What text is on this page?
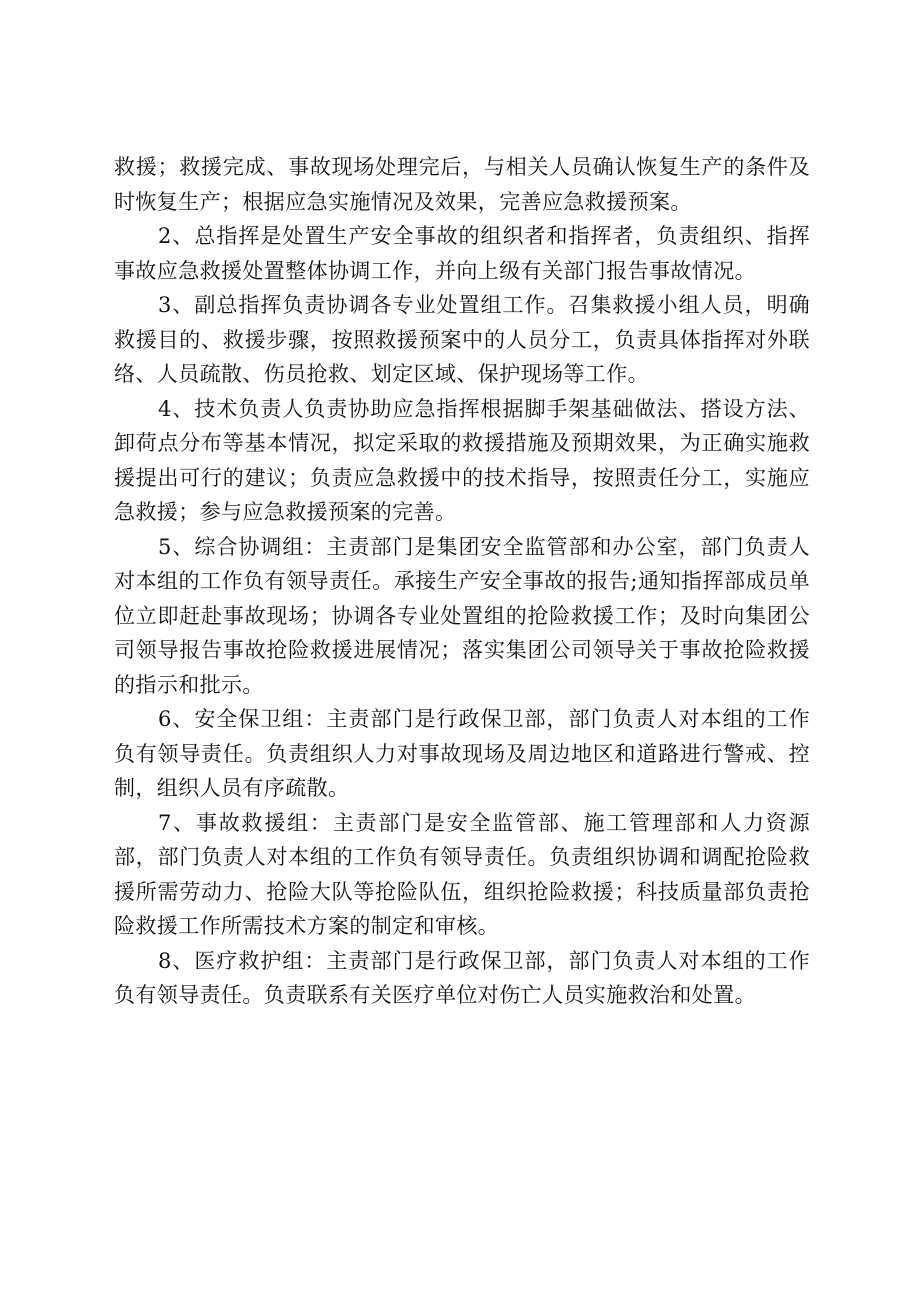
救援；救援完成、事故现场处理完后，与相关人员确认恢复生产的条件及时恢复生产；根据应急实施情况及效果，完善应急救援预案。

2、总指挥是处置生产安全事故的组织者和指挥者，负责组织、指挥事故应急救援处置整体协调工作，并向上级有关部门报告事故情况。

3、副总指挥负责协调各专业处置组工作。召集救援小组人员，明确救援目的、救援步骤，按照救援预案中的人员分工，负责具体指挥对外联络、人员疏散、伤员抢救、划定区域、保护现场等工作。

4、技术负责人负责协助应急指挥根据脚手架基础做法、搭设方法、卸荷点分布等基本情况，拟定采取的救援措施及预期效果，为正确实施救援提出可行的建议；负责应急救援中的技术指导，按照责任分工，实施应急救援；参与应急救援预案的完善。

5、综合协调组：主责部门是集团安全监管部和办公室，部门负责人对本组的工作负有领导责任。承接生产安全事故的报告;通知指挥部成员单位立即赶赴事故现场；协调各专业处置组的抢险救援工作；及时向集团公司领导报告事故抢险救援进展情况；落实集团公司领导关于事故抢险救援的指示和批示。

6、安全保卫组：主责部门是行政保卫部，部门负责人对本组的工作负有领导责任。负责组织人力对事故现场及周边地区和道路进行警戒、控制，组织人员有序疏散。

7、事故救援组：主责部门是安全监管部、施工管理部和人力资源部，部门负责人对本组的工作负有领导责任。负责组织协调和调配抢险救援所需劳动力、抢险大队等抢险队伍，组织抢险救援；科技质量部负责抢险救援工作所需技术方案的制定和审核。

8、医疗救护组：主责部门是行政保卫部，部门负责人对本组的工作负有领导责任。负责联系有关医疗单位对伤亡人员实施救治和处置。
